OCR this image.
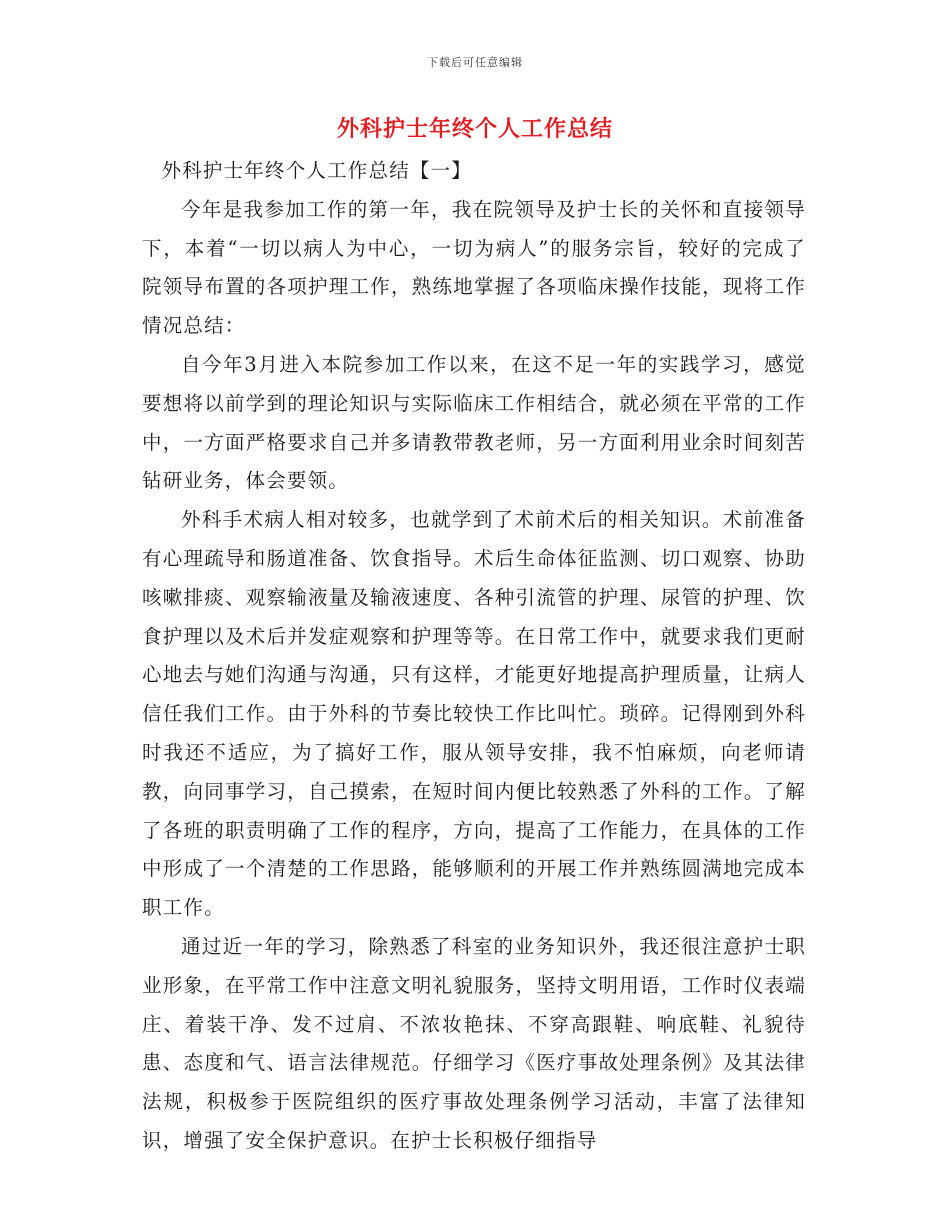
下载后可任意编辑
外科护士年终个人工作总结

外科护士年终个人工作总结【一】

今年是我参加工作的第一年，我在院领导及护士长的关怀和直接领导下，本着“一切以病人为中心，一切为病人”的服务宗旨，较好的完成了院领导布置的各项护理工作，熟练地掌握了各项临床操作技能，现将工作情况总结：

自今年3月进入本院参加工作以来，在这不足一年的实践学习，感觉要想将以前学到的理论知识与实际临床工作相结合，就必须在平常的工作中，一方面严格要求自己并多请教带教老师，另一方面利用业余时间刻苦钻研业务，体会要领。

外科手术病人相对较多，也就学到了术前术后的相关知识。术前准备有心理疏导和肠道准备、饮食指导。术后生命体征监测、切口观察、协助咳嗽排痰、观察输液量及输液速度、各种引流管的护理、尿管的护理、饮食护理以及术后并发症观察和护理等等。在日常工作中，就要求我们更耐心地去与她们沟通与沟通，只有这样，才能更好地提高护理质量，让病人信任我们工作。由于外科的节奏比较快工作比叫忙。琐碎。记得刚到外科时我还不适应，为了搞好工作，服从领导安排，我不怕麻烦，向老师请教，向同事学习，自己摸索，在短时间内便比较熟悉了外科的工作。了解了各班的职责明确了工作的程序，方向，提高了工作能力，在具体的工作中形成了一个清楚的工作思路，能够顺利的开展工作并熟练圆满地完成本职工作。

通过近一年的学习，除熟悉了科室的业务知识外，我还很注意护士职业形象，在平常工作中注意文明礼貌服务，坚持文明用语，工作时仪表端庄、着装干净、发不过肩、不浓妆艳抹、不穿高跟鞋、响底鞋、礼貌待患、态度和气、语言法律规范。仔细学习《医疗事故处理条例》及其法律法规，积极参于医院组织的医疗事故处理条例学习活动，丰富了法律知识，增强了安全保护意识。在护士长积极仔细指导
